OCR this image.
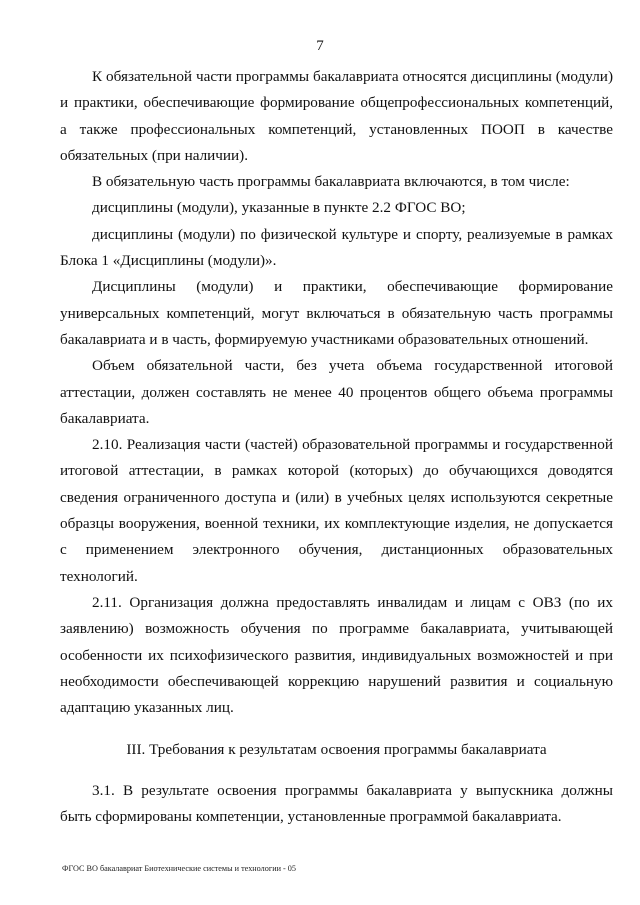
7

К обязательной части программы бакалавриата относятся дисциплины (модули) и практики, обеспечивающие формирование общепрофессиональных компетенций, а также профессиональных компетенций, установленных ПООП в качестве обязательных (при наличии).

В обязательную часть программы бакалавриата включаются, в том числе:

дисциплины (модули), указанные в пункте 2.2 ФГОС ВО;

дисциплины (модули) по физической культуре и спорту, реализуемые в рамках Блока 1 «Дисциплины (модули)».

Дисциплины (модули) и практики, обеспечивающие формирование универсальных компетенций, могут включаться в обязательную часть программы бакалавриата и в часть, формируемую участниками образовательных отношений.

Объем обязательной части, без учета объема государственной итоговой аттестации, должен составлять не менее 40 процентов общего объема программы бакалавриата.

2.10. Реализация части (частей) образовательной программы и государственной итоговой аттестации, в рамках которой (которых) до обучающихся доводятся сведения ограниченного доступа и (или) в учебных целях используются секретные образцы вооружения, военной техники, их комплектующие изделия, не допускается с применением электронного обучения, дистанционных образовательных технологий.

2.11. Организация должна предоставлять инвалидам и лицам с ОВЗ (по их заявлению) возможность обучения по программе бакалавриата, учитывающей особенности их психофизического развития, индивидуальных возможностей и при необходимости обеспечивающей коррекцию нарушений развития и социальную адаптацию указанных лиц.

III. Требования к результатам освоения программы бакалавриата

3.1. В результате освоения программы бакалавриата у выпускника должны быть сформированы компетенции, установленные программой бакалавриата.

ФГОС ВО бакалавриат Биотехнические системы и технологии - 05
